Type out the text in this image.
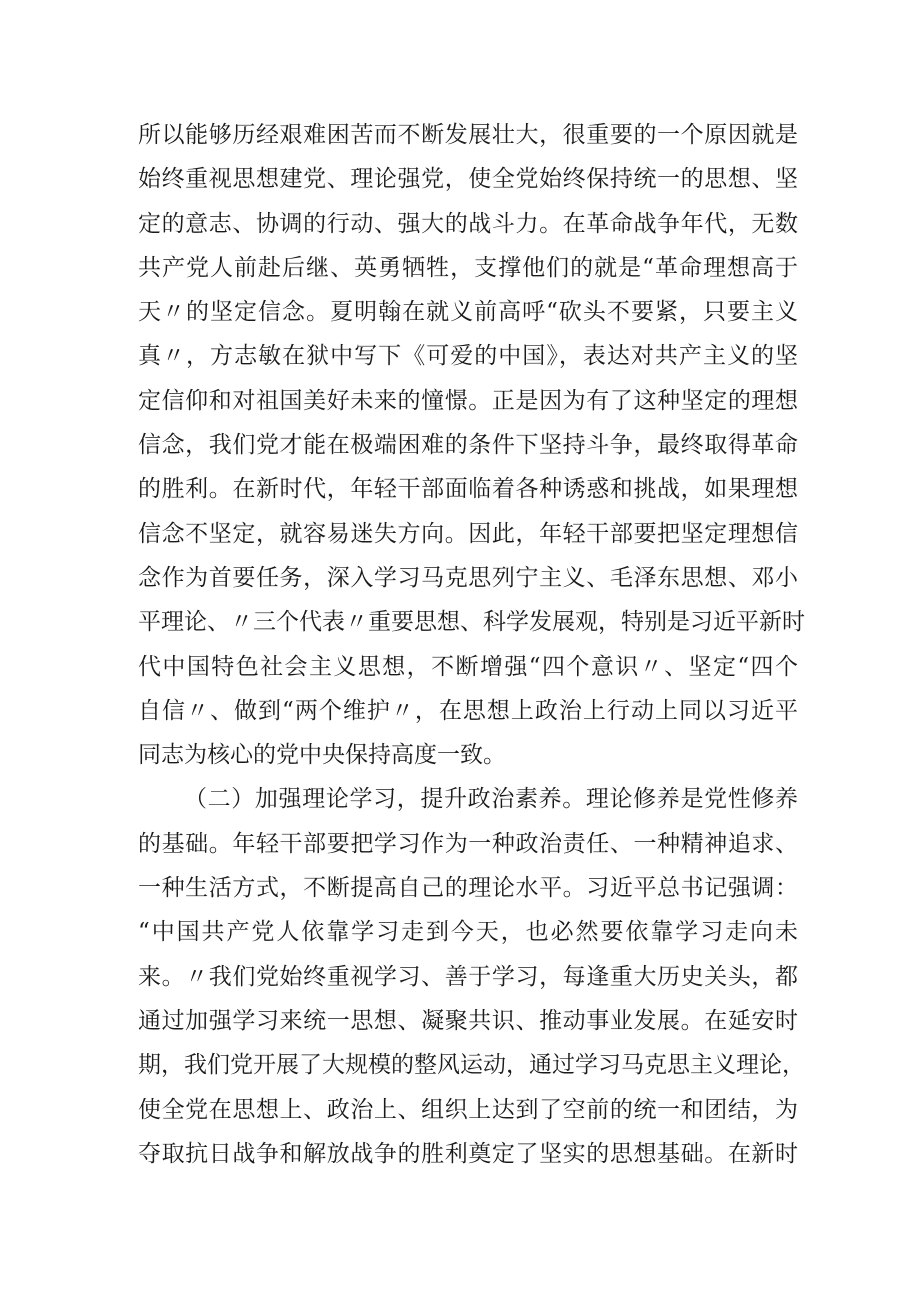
所以能够历经艰难困苦而不断发展壮大，很重要的一个原因就是
始终重视思想建党、理论强党，使全党始终保持统一的思想、坚
定的意志、协调的行动、强大的战斗力。在革命战争年代，无数
共产党人前赴后继、英勇牺牲，支撑他们的就是“革命理想高于
天〃的坚定信念。夏明翰在就义前高呼“砍头不要紧，只要主义
真〃，方志敏在狱中写下《可爱的中国》，表达对共产主义的坚
定信仰和对祖国美好未来的憧憬。正是因为有了这种坚定的理想
信念，我们党才能在极端困难的条件下坚持斗争，最终取得革命
的胜利。在新时代，年轻干部面临着各种诱惑和挑战，如果理想
信念不坚定，就容易迷失方向。因此，年轻干部要把坚定理想信
念作为首要任务，深入学习马克思列宁主义、毛泽东思想、邓小
平理论、〃三个代表〃重要思想、科学发展观，特别是习近平新时
代中国特色社会主义思想，不断增强“四个意识〃、坚定“四个
自信〃、做到“两个维护〃，在思想上政治上行动上同以习近平
同志为核心的党中央保持高度一致。
（二）加强理论学习，提升政治素养。理论修养是党性修养
的基础。年轻干部要把学习作为一种政治责任、一种精神追求、
一种生活方式，不断提高自己的理论水平。习近平总书记强调：
“中国共产党人依靠学习走到今天，也必然要依靠学习走向未
来。〃我们党始终重视学习、善于学习，每逢重大历史关头，都
通过加强学习来统一思想、凝聚共识、推动事业发展。在延安时
期，我们党开展了大规模的整风运动，通过学习马克思主义理论，
使全党在思想上、政治上、组织上达到了空前的统一和团结，为
夺取抗日战争和解放战争的胜利奠定了坚实的思想基础。在新时
